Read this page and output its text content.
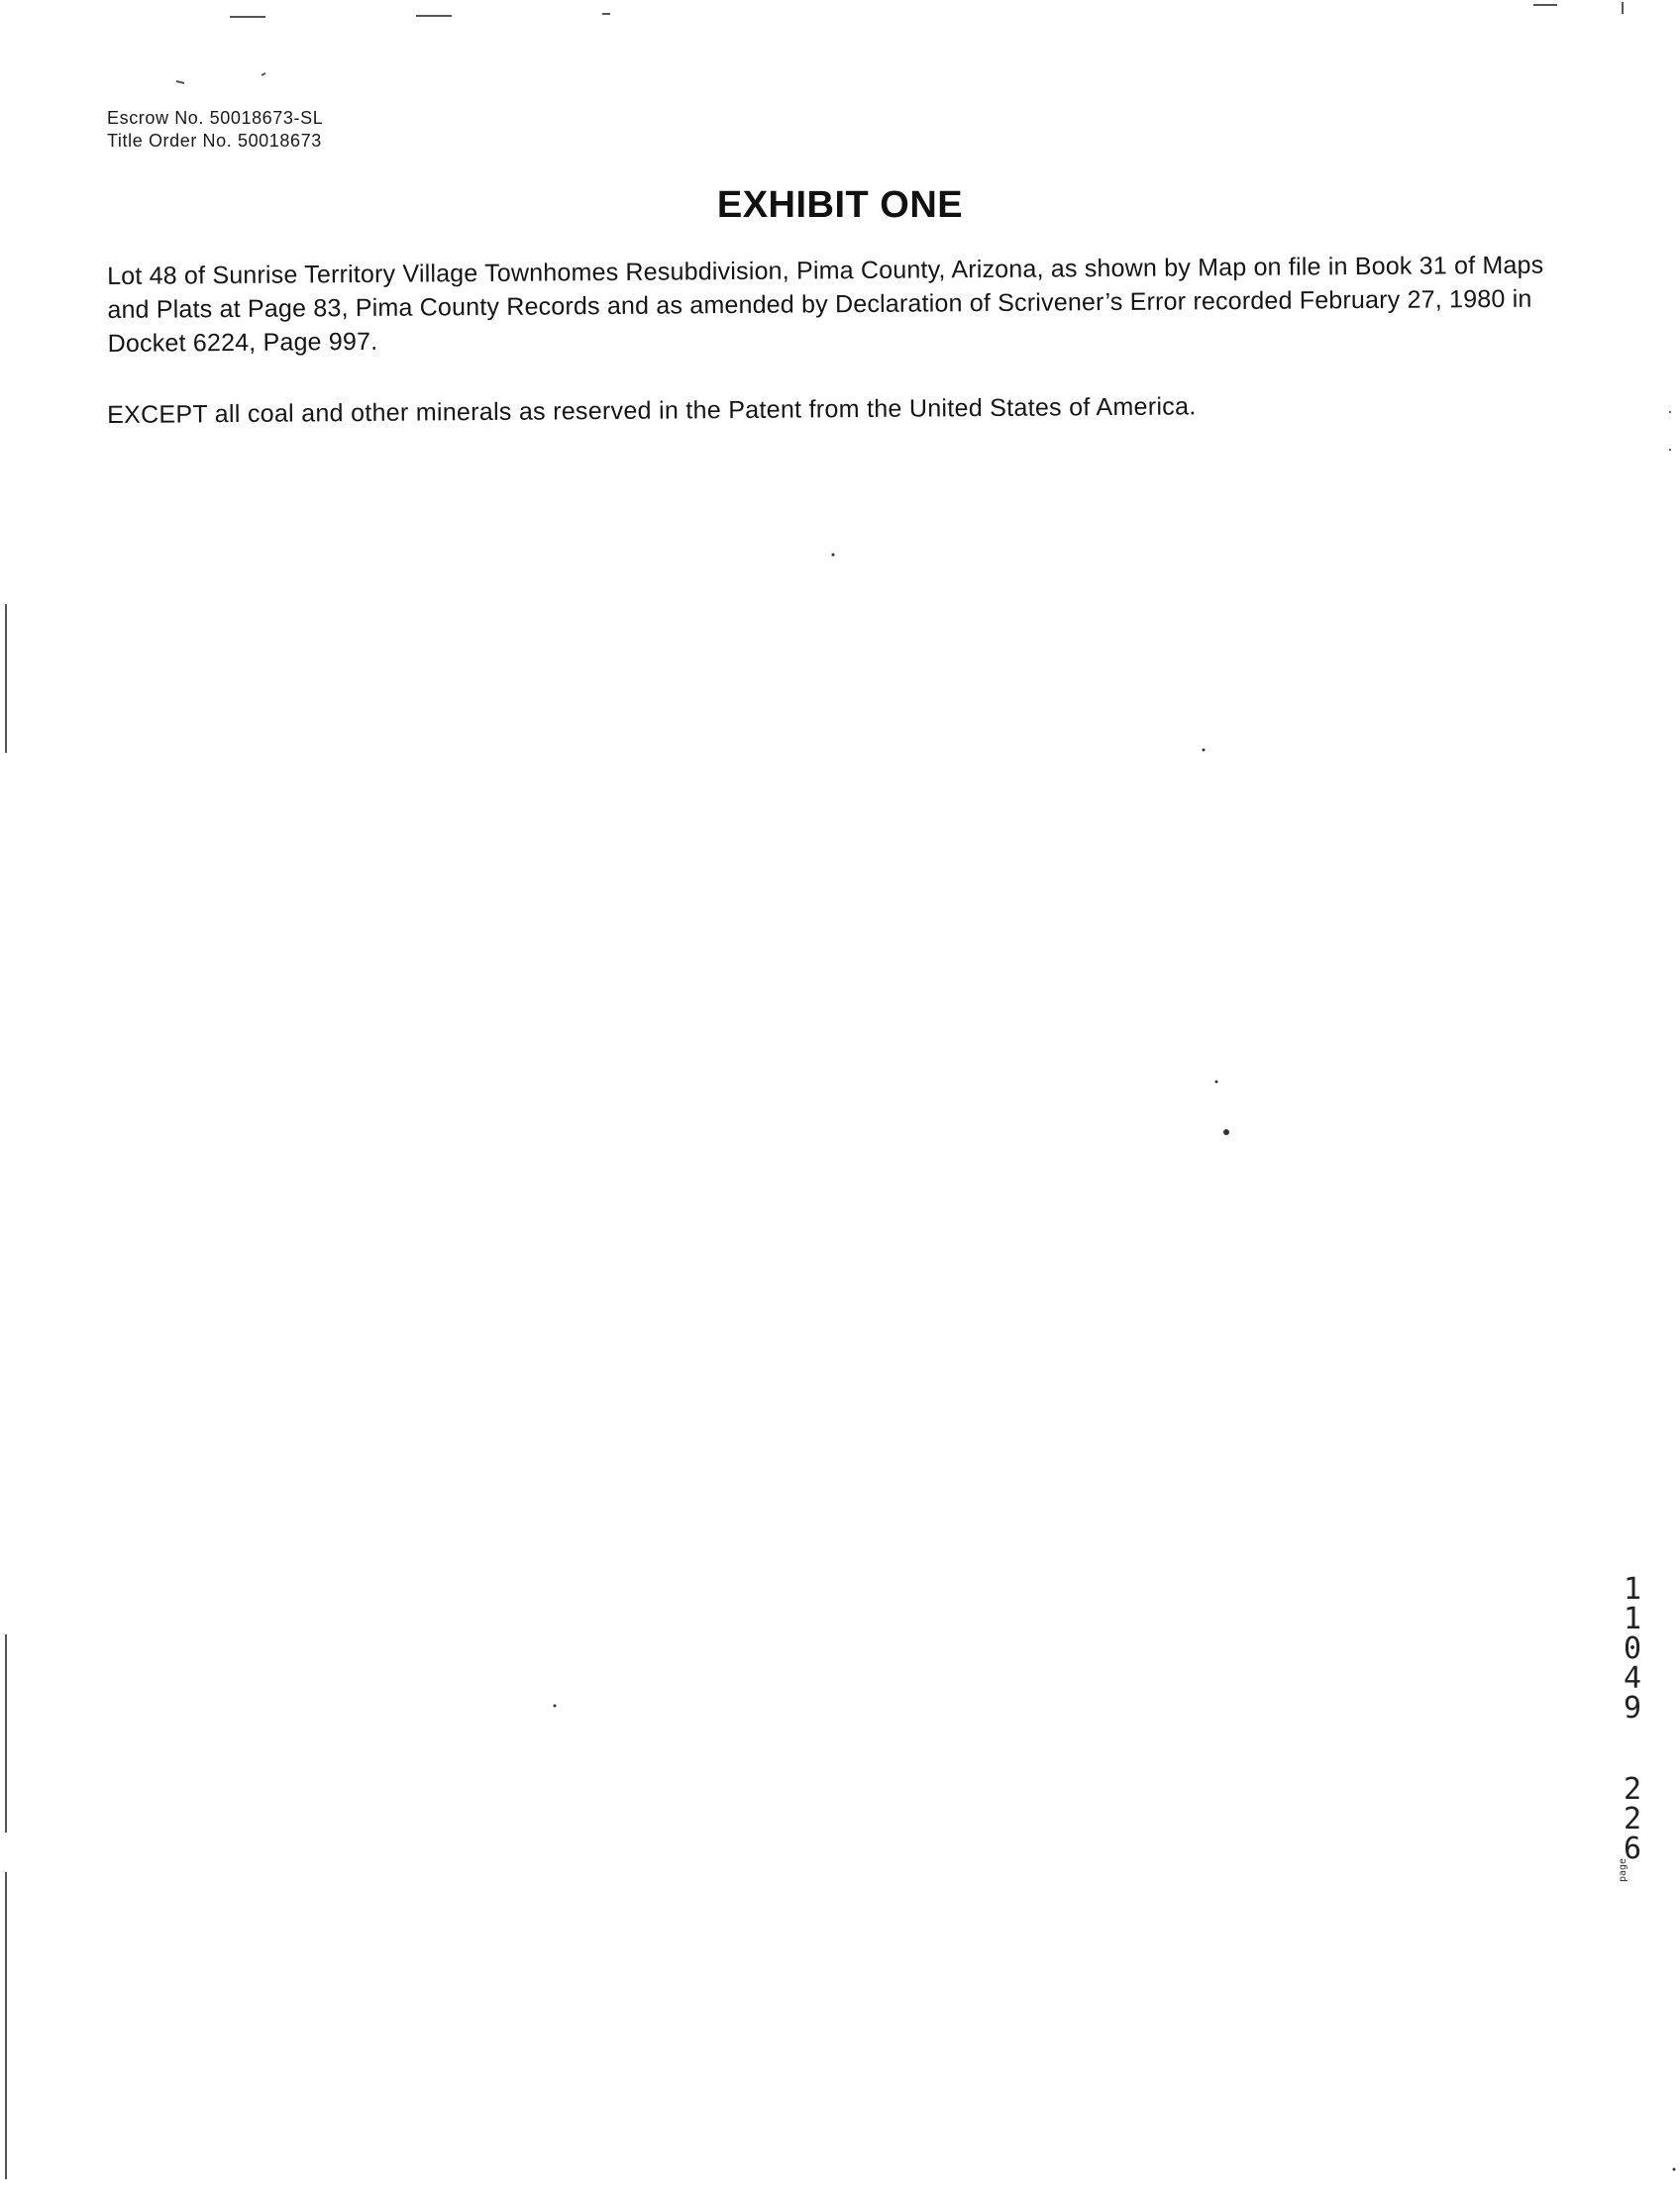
Escrow No. 50018673-SL
Title Order No. 50018673
EXHIBIT ONE

Lot 48 of Sunrise Territory Village Townhomes Resubdivision, Pima County, Arizona, as shown by Map on file in Book 31 of Maps and Plats at Page 83, Pima County Records and as amended by Declaration of Scrivener’s Error recorded February 27, 1980 in Docket 6224, Page 997.

EXCEPT all coal and other minerals as reserved in the Patent from the United States of America.

1
1
0
4
9
2
2
6
page
